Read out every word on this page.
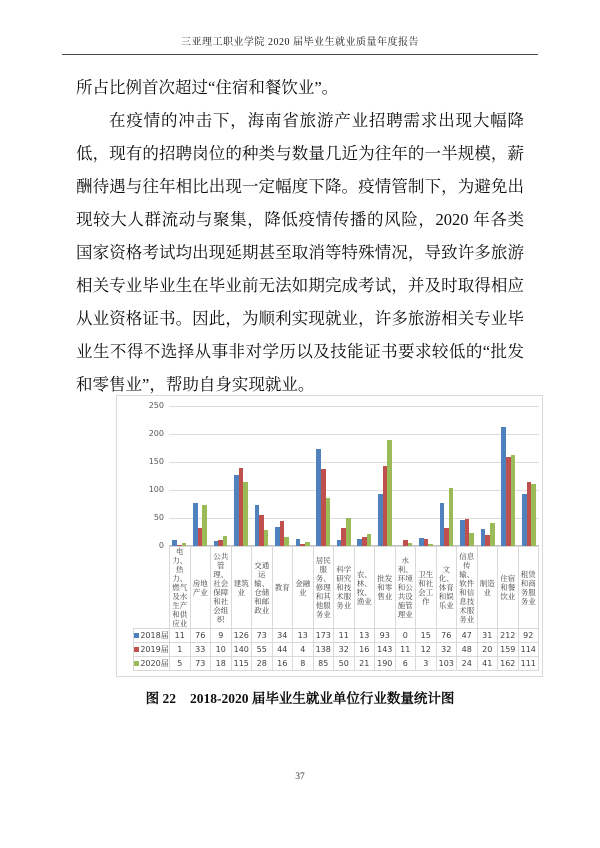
三亚理工职业学院 2020 届毕业生就业质量年度报告

所占比例首次超过“住宿和餐饮业”。

在疫情的冲击下，海南省旅游产业招聘需求出现大幅降低，现有的招聘岗位的种类与数量几近为往年的一半规模，薪酬待遇与往年相比出现一定幅度下降。疫情管制下，为避免出现较大人群流动与聚集，降低疫情传播的风险，2020 年各类国家资格考试均出现延期甚至取消等特殊情况，导致许多旅游相关专业毕业生在毕业前无法如期完成考试，并及时取得相应从业资格证书。因此，为顺利实现就业，许多旅游相关专业毕业生不得不选择从事非对学历以及技能证书要求较低的“批发和零售业”，帮助自身实现就业。

0
50
100
150
200
250
	电力、热力、燃气及水生产和供应业	房地产业	公共管理、社会保障和社会组织	建筑业	交通运输、仓储和邮政业	教育	金融业	居民服务、修理和其他服务业	科学研究和技术服务业	农、林、牧、渔业	批发和零售业	水利、环境和公共设施管理业	卫生和社会工作	文化、体育和娱乐业	信息传输、软件和信息技术服务业	制造业	住宿和餐饮业	租赁和商务服务业
2018届	11	76	9	126	73	34	13	173	11	13	93	0	15	76	47	31	212	92
2019届	1	33	10	140	55	44	4	138	32	16	143	11	12	32	48	20	159	114
2020届	5	73	18	115	28	16	8	85	50	21	190	6	3	103	24	41	162	111
图 22 2018-2020 届毕业生就业单位行业数量统计图
37
